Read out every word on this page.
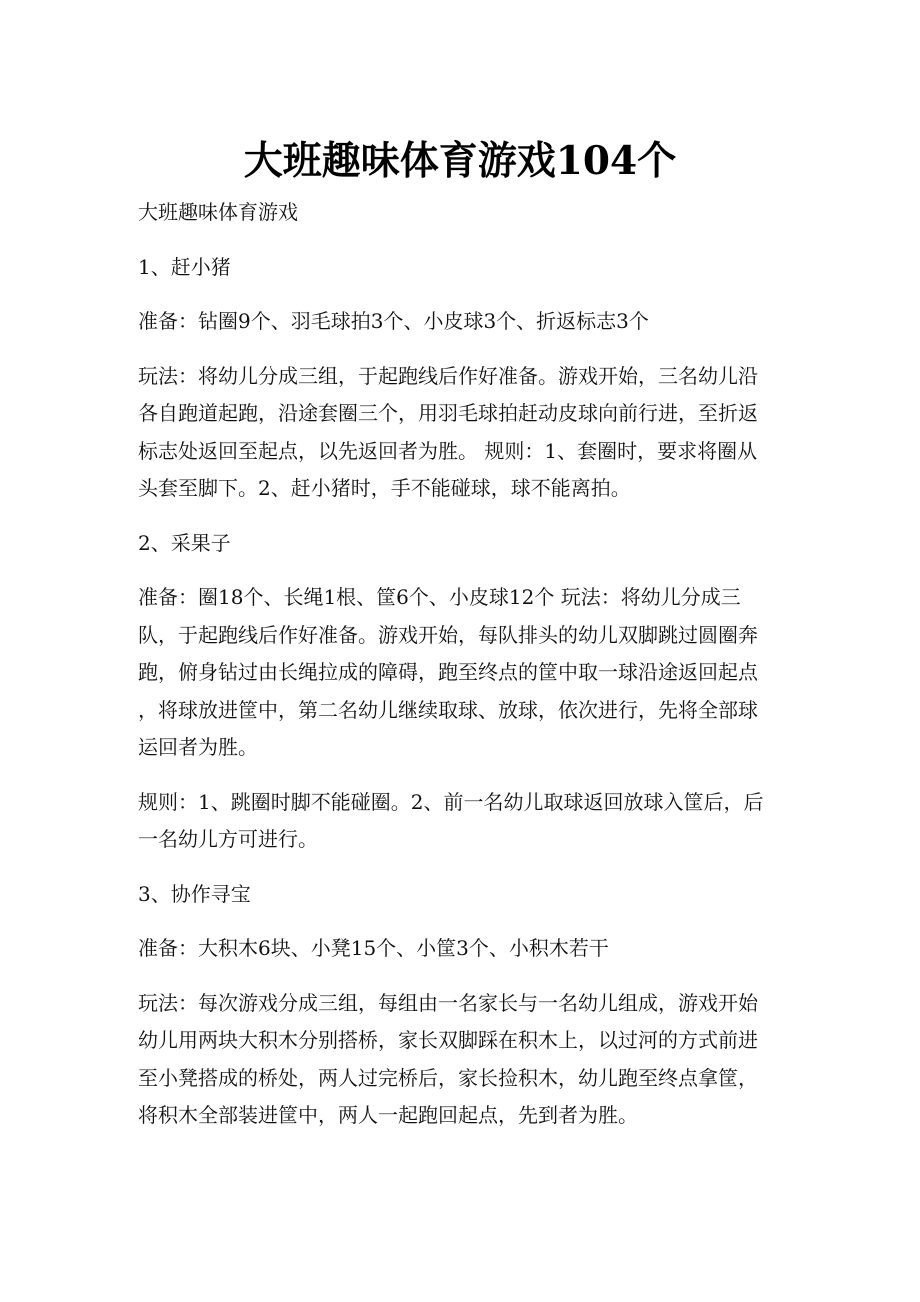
大班趣味体育游戏104个

大班趣味体育游戏

1、赶小猪

准备：钻圈9个、羽毛球拍3个、小皮球3个、折返标志3个

玩法：将幼儿分成三组，于起跑线后作好准备。游戏开始，三名幼儿沿
各自跑道起跑，沿途套圈三个，用羽毛球拍赶动皮球向前行进，至折返
标志处返回至起点，以先返回者为胜。 规则：1、套圈时，要求将圈从
头套至脚下。2、赶小猪时，手不能碰球，球不能离拍。

2、采果子

准备：圈18个、长绳1根、筐6个、小皮球12个 玩法：将幼儿分成三
队，于起跑线后作好准备。游戏开始，每队排头的幼儿双脚跳过圆圈奔
跑，俯身钻过由长绳拉成的障碍，跑至终点的筐中取一球沿途返回起点
，将球放进筐中，第二名幼儿继续取球、放球，依次进行，先将全部球
运回者为胜。

规则：1、跳圈时脚不能碰圈。2、前一名幼儿取球返回放球入筐后，后
一名幼儿方可进行。

3、协作寻宝

准备：大积木6块、小凳15个、小筐3个、小积木若干

玩法：每次游戏分成三组，每组由一名家长与一名幼儿组成，游戏开始
幼儿用两块大积木分别搭桥，家长双脚踩在积木上，以过河的方式前进
至小凳搭成的桥处，两人过完桥后，家长捡积木，幼儿跑至终点拿筐，
将积木全部装进筐中，两人一起跑回起点，先到者为胜。
